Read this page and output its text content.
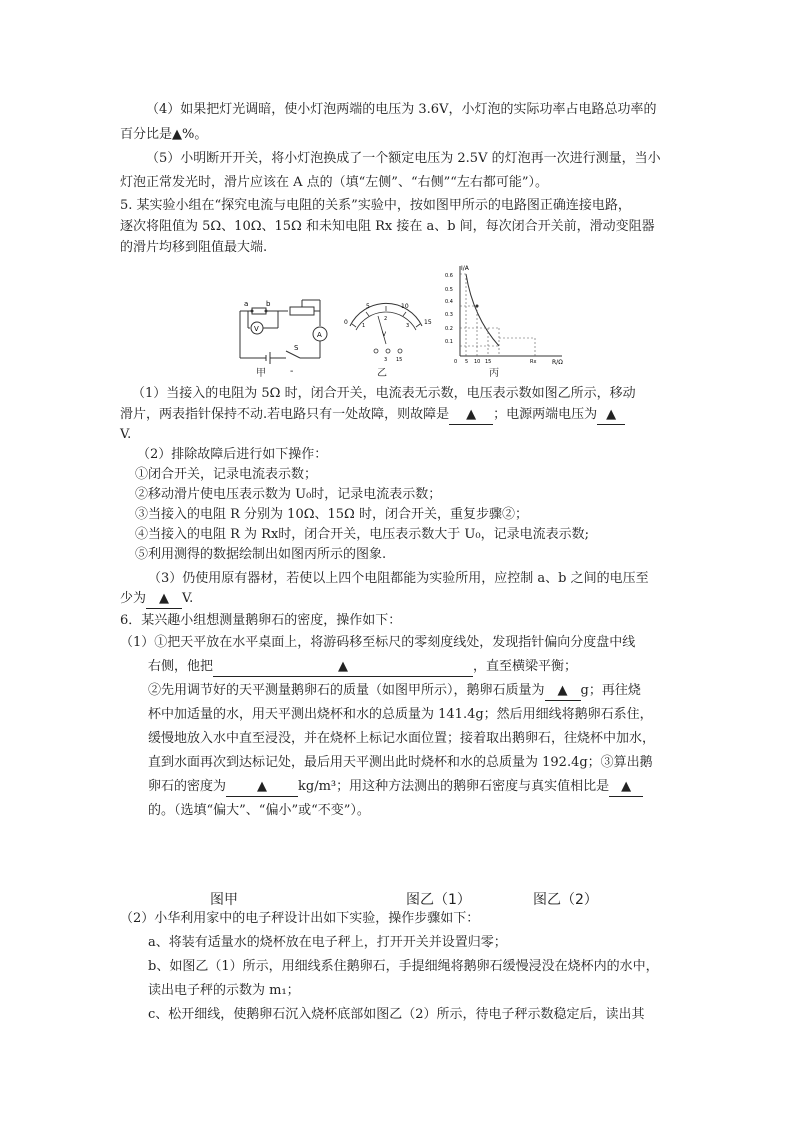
（4）如果把灯光调暗，使小灯泡两端的电压为 3.6V，小灯泡的实际功率占电路总功率的
百分比是▲%。
（5）小明断开开关，将小灯泡换成了一个额定电压为 2.5V 的灯泡再一次进行测量，当小
灯泡正常发光时，滑片应该在 A 点的（填“左侧”、“右侧”“左右都可能”）。
5. 某实验小组在“探究电流与电阻的关系”实验中，按如图甲所示的电路图正确连接电路，
逐次将阻值为 5Ω、10Ω、15Ω 和未知电阻 Rx 接在 a、b 间，每次闭合开关前，滑动变阻器
的滑片均移到阻值最大端.
a	b
V
A
S
甲 -
0
5	10
15
1
2
3
V
3 15
乙
I/A
R/Ω
0.6
0.5
0.4
0.3
0.2
0.1
0 5 10 15	Rx
丙
（1）当接入的电阻为 5Ω 时，闭合开关，电流表无示数，电压表示数如图乙所示，移动
滑片，两表指针保持不动.若电路只有一处故障，则故障是 ▲ ；电源两端电压为 ▲
V.
（2）排除故障后进行如下操作：
①闭合开关，记录电流表示数；
②移动滑片使电压表示数为 U₀时，记录电流表示数；
③当接入的电阻 R 分别为 10Ω、15Ω 时，闭合开关，重复步骤②；
④当接入的电阻 R 为 Rx时，闭合开关，电压表示数大于 U₀，记录电流表示数;
⑤利用测得的数据绘制出如图丙所示的图象.
（3）仍使用原有器材，若使以上四个电阻都能为实验所用，应控制 a、b 之间的电压至
少为 ▲ V.
6．某兴趣小组想测量鹅卵石的密度，操作如下：
（1）①把天平放在水平桌面上，将游码移至标尺的零刻度线处，发现指针偏向分度盘中线
右侧，他把	▲	，直至横梁平衡；
②先用调节好的天平测量鹅卵石的质量（如图甲所示），鹅卵石质量为 ▲ g；再往烧
杯中加适量的水，用天平测出烧杯和水的总质量为 141.4g；然后用细线将鹅卵石系住，
缓慢地放入水中直至浸没，并在烧杯上标记水面位置；接着取出鹅卵石，往烧杯中加水，
直到水面再次到达标记处，最后用天平测出此时烧杯和水的总质量为 192.4g；③算出鹅
卵石的密度为 ▲ kg/m³；用这种方法测出的鹅卵石密度与真实值相比是 ▲
的。（选填“偏大”、“偏小”或“不变”）。
图甲	图乙（1）	图乙（2）
（2）小华利用家中的电子秤设计出如下实验，操作步骤如下：
a、将装有适量水的烧杯放在电子秤上，打开开关并设置归零；
b、如图乙（1）所示，用细线系住鹅卵石，手提细绳将鹅卵石缓慢浸没在烧杯内的水中，
读出电子秤的示数为 m₁；
c、松开细线，使鹅卵石沉入烧杯底部如图乙（2）所示，待电子秤示数稳定后，读出其
